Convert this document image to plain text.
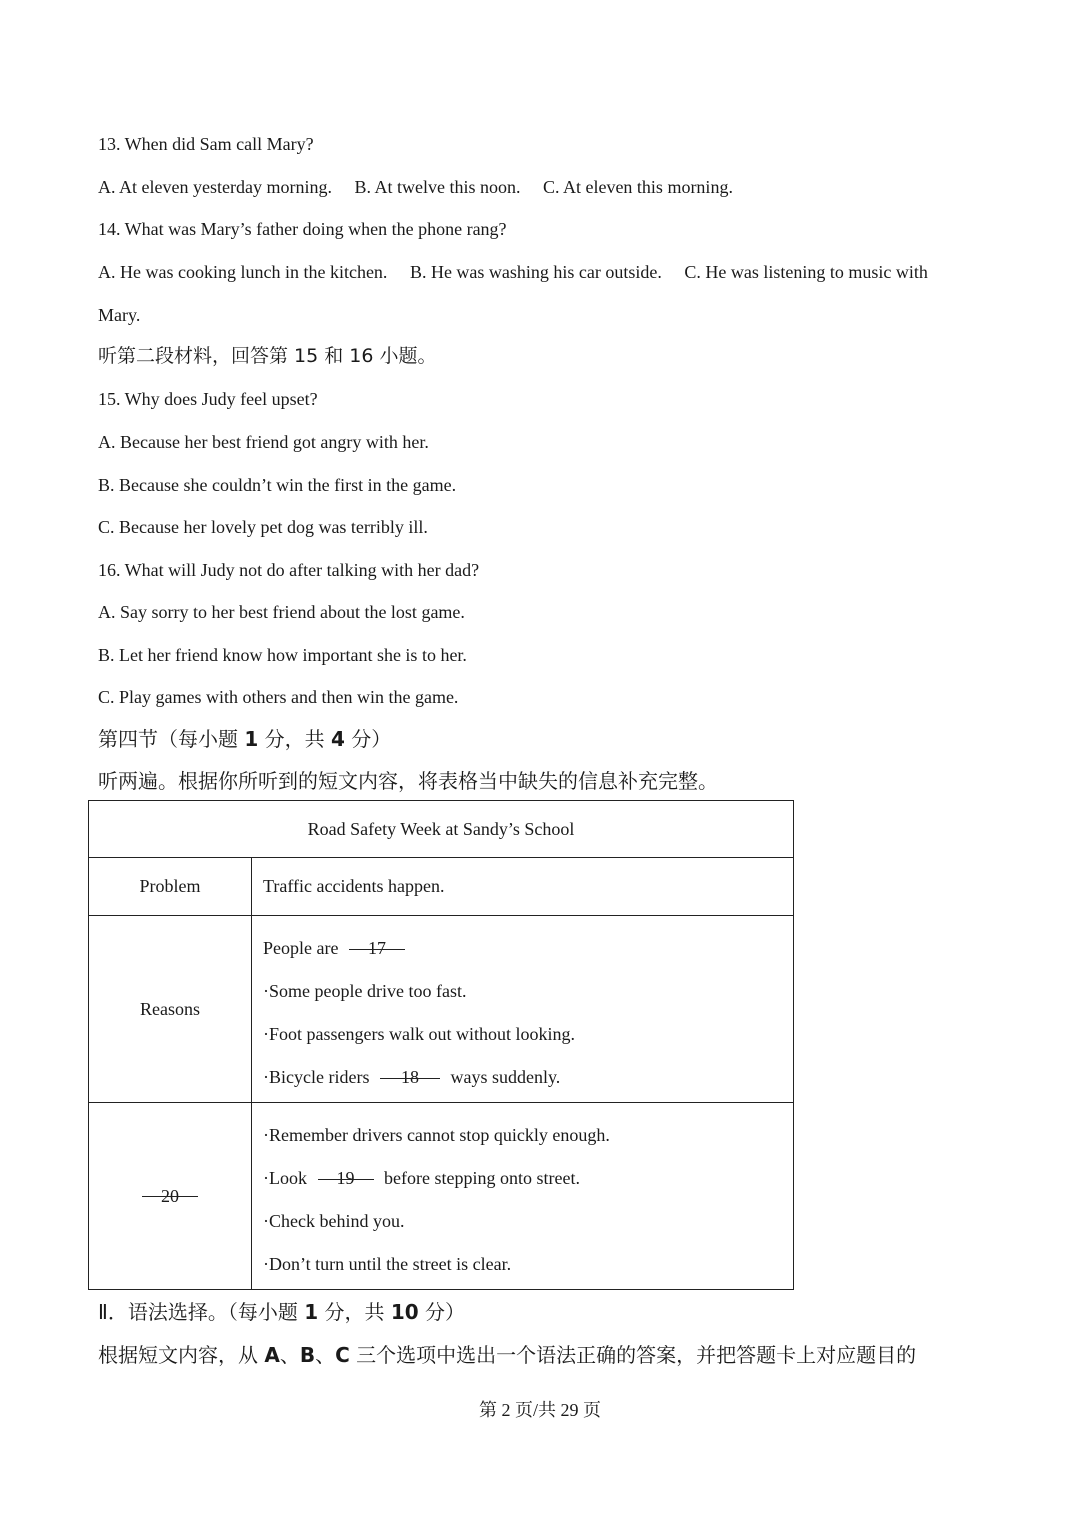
13. When did Sam call Mary?
A. At eleven yesterday morning. B. At twelve this noon. C. At eleven this morning.
14. What was Mary’s father doing when the phone rang?
A. He was cooking lunch in the kitchen. B. He was washing his car outside. C. He was listening to music with
Mary.
听第二段材料，回答第 15 和 16 小题。
15. Why does Judy feel upset?
A. Because her best friend got angry with her.
B. Because she couldn’t win the first in the game.
C. Because her lovely pet dog was terribly ill.
16. What will Judy not do after talking with her dad?
A. Say sorry to her best friend about the lost game.
B. Let her friend know how important she is to her.
C. Play games with others and then win the game.
第四节（每小题 1 分，共 4 分）
听两遍。根据你所听到的短文内容，将表格当中缺失的信息补充完整。
Road Safety Week at Sandy’s School	
Problem	Traffic accidents happen.
Reasons	People are 17
·Some people drive too fast.
·Foot passengers walk out without looking.
·Bicycle riders 18 ways suddenly.

20	·Remember drivers cannot stop quickly enough.
·Look 19 before stepping onto street.
·Check behind you.
·Don’t turn until the street is clear.
Ⅱ．语法选择。（每小题 1 分，共 10 分）
根据短文内容，从 A、B、C 三个选项中选出一个语法正确的答案，并把答题卡上对应题目的
第 2 页/共 29 页
